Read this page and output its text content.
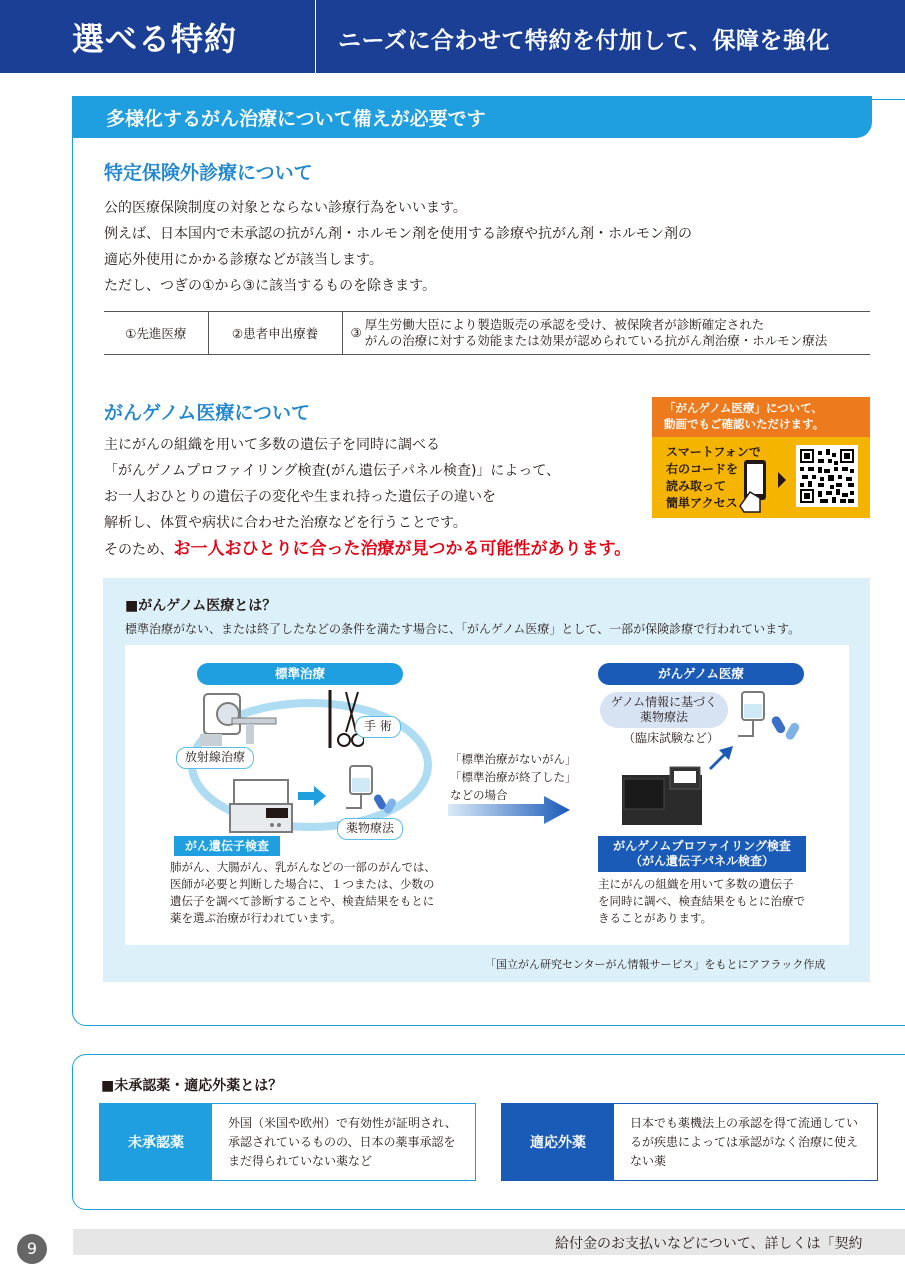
選べる特約	ニーズに合わせて特約を付加して、保障を強化
多様化するがん治療について備えが必要です
特定保険外診療について
公的医療保険制度の対象とならない診療行為をいいます。
例えば、日本国内で未承認の抗がん剤・ホルモン剤を使用する診療や抗がん剤・ホルモン剤の
適応外使用にかかる診療などが該当します。
ただし、つぎの①から③に該当するものを除きます。
①先進医療	②患者申出療養	③
厚生労働大臣により製造販売の承認を受け、被保険者が診断確定された
がんの治療に対する効能または効果が認められている抗がん剤治療・ホルモン療法
がんゲノム医療について
主にがんの組織を用いて多数の遺伝子を同時に調べる
「がんゲノムプロファイリング検査(がん遺伝子パネル検査)」によって、
お一人おひとりの遺伝子の変化や生まれ持った遺伝子の違いを
解析し、体質や病状に合わせた治療などを行うことです。
そのため、お一人おひとりに合った治療が見つかる可能性があります。
「がんゲノム医療」について、
動画でもご確認いただけます。
スマートフォンで
右のコードを
読み取って
簡単アクセス
■がんゲノム医療とは？
標準治療がない、または終了したなどの条件を満たす場合に、「がんゲノム医療」として、一部が保険診療で行われています。
標準治療
手 術
放射線治療
薬物療法
がん遺伝子検査
肺がん、大腸がん、乳がんなどの一部のがんでは、
医師が必要と判断した場合に、１つまたは、少数の
遺伝子を調べて診断することや、検査結果をもとに
薬を選ぶ治療が行われています。
「標準治療がないがん」
「標準治療が終了した」
などの場合
がんゲノム医療
ゲノム情報に基づく
薬物療法
（臨床試験など）
がんゲノムプロファイリング検査
（がん遺伝子パネル検査）
主にがんの組織を用いて多数の遺伝子
を同時に調べ、検査結果をもとに治療で
きることがあります。
「国立がん研究センターがん情報サービス」をもとにアフラック作成
■未承認薬・適応外薬とは？
未承認薬
外国（米国や欧州）で有効性が証明され、承認されているものの、日本の薬事承認をまだ得られていない薬など
適応外薬
日本でも薬機法上の承認を得て流通しているが疾患によっては承認がなく治療に使えない薬
給付金のお支払いなどについて、詳しくは「契約
9
